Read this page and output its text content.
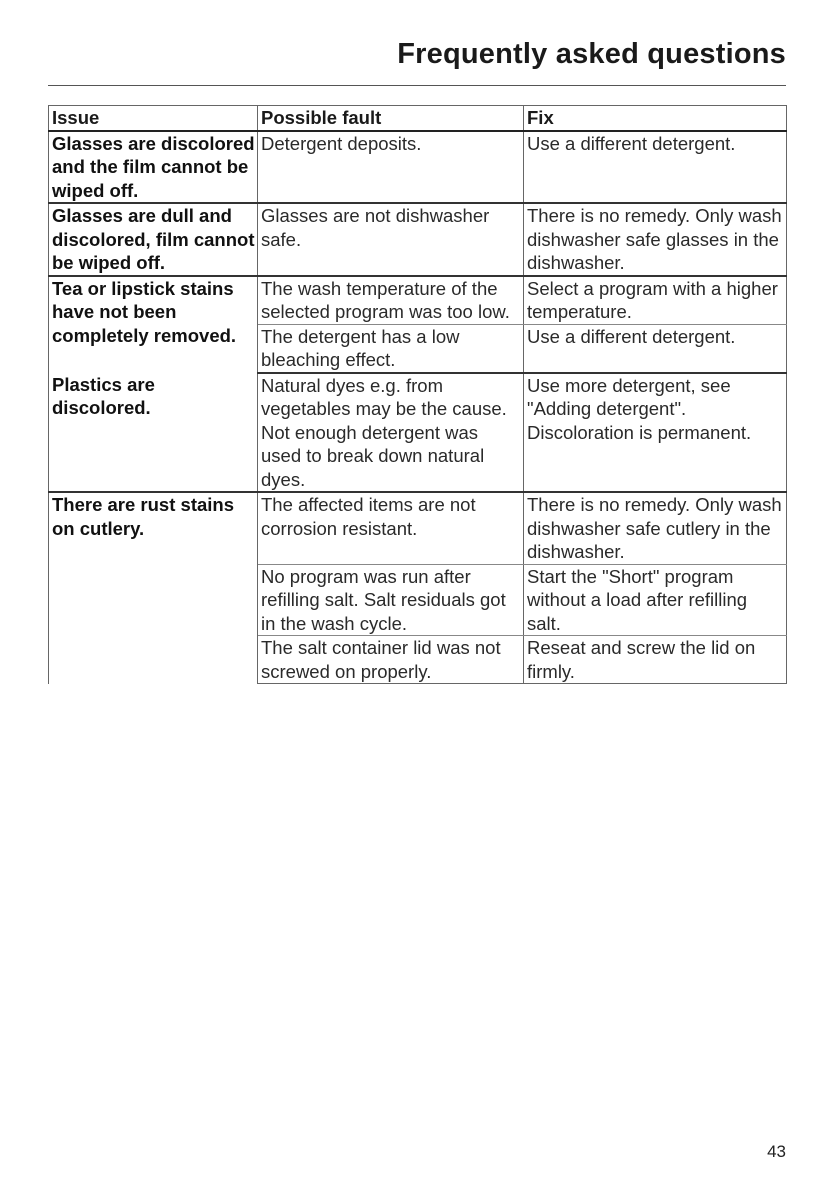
Frequently asked questions
Issue	Possible fault	Fix
Glasses are discolored and the film cannot be wiped off.	Detergent deposits.	Use a different detergent.
Glasses are dull and discolored, film cannot be wiped off.	Glasses are not dishwasher safe.	There is no remedy. Only wash dishwasher safe glasses in the dishwasher.
Tea or lipstick stains have not been completely removed.	The wash temperature of the selected program was too low.	Select a program with a higher temperature.
	The detergent has a low bleaching effect.	Use a different detergent.
Plastics are discolored.	Natural dyes e.g. from vegetables may be the cause. Not enough detergent was used to break down natural dyes.	Use more detergent, see "Adding detergent". Discoloration is permanent.
There are rust stains on cutlery.	The affected items are not corrosion resistant.	There is no remedy. Only wash dishwasher safe cutlery in the dishwasher.
	No program was run after refilling salt. Salt residuals got in the wash cycle.	Start the "Short" program without a load after refilling salt.
	The salt container lid was not screwed on properly.	Reseat and screw the lid on firmly.
43
